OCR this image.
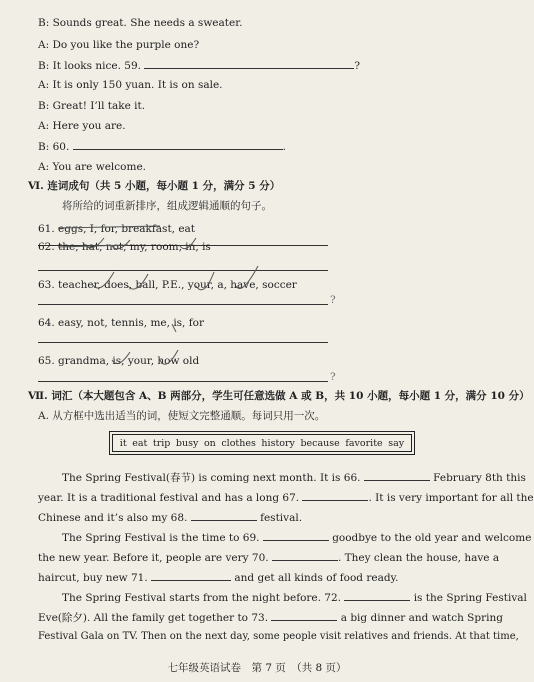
B: Sounds great. She needs a sweater.
A: Do you like the purple one?
B: It looks nice. 59.	?
A: It is only 150 yuan. It is on sale.
B: Great! I’ll take it.
A: Here you are.
B: 60.	.
A: You are welcome.
Ⅵ. 连词成句（共 5 小题，每小题 1 分，满分 5 分）
将所给的词重新排序，组成逻辑通顺的句子。
61. eggs, I, for, breakfast, eat
62. the, hat, not, my, room, in, is
63. teacher, does, ball, P.E., your, a, have, soccer
?
64. easy, not, tennis, me, is, for
65. grandma, is, your, how old
?
Ⅶ. 词汇（本大题包含 A、B 两部分，学生可任意选做 A 或 B，共 10 小题，每小题 1 分，满分 10 分）
A. 从方框中选出适当的词，使短文完整通顺。每词只用一次。
it eat trip busy on clothes history because favorite say
The Spring Festival(春节) is coming next month. It is 66.	February 8th this
year. It is a traditional festival and has a long 67.	. It is very important for all the
Chinese and it’s also my 68.	festival.
The Spring Festival is the time to 69.	goodbye to the old year and welcome
the new year. Before it, people are very 70.	. They clean the house, have a
haircut, buy new 71.	and get all kinds of food ready.
The Spring Festival starts from the night before. 72.	is the Spring Festival
Eve(除夕). All the family get together to 73.	a big dinner and watch Spring
Festival Gala on TV. Then on the next day, some people visit relatives and friends. At that time,
七年级英语试卷　第 7 页　（共 8 页）
